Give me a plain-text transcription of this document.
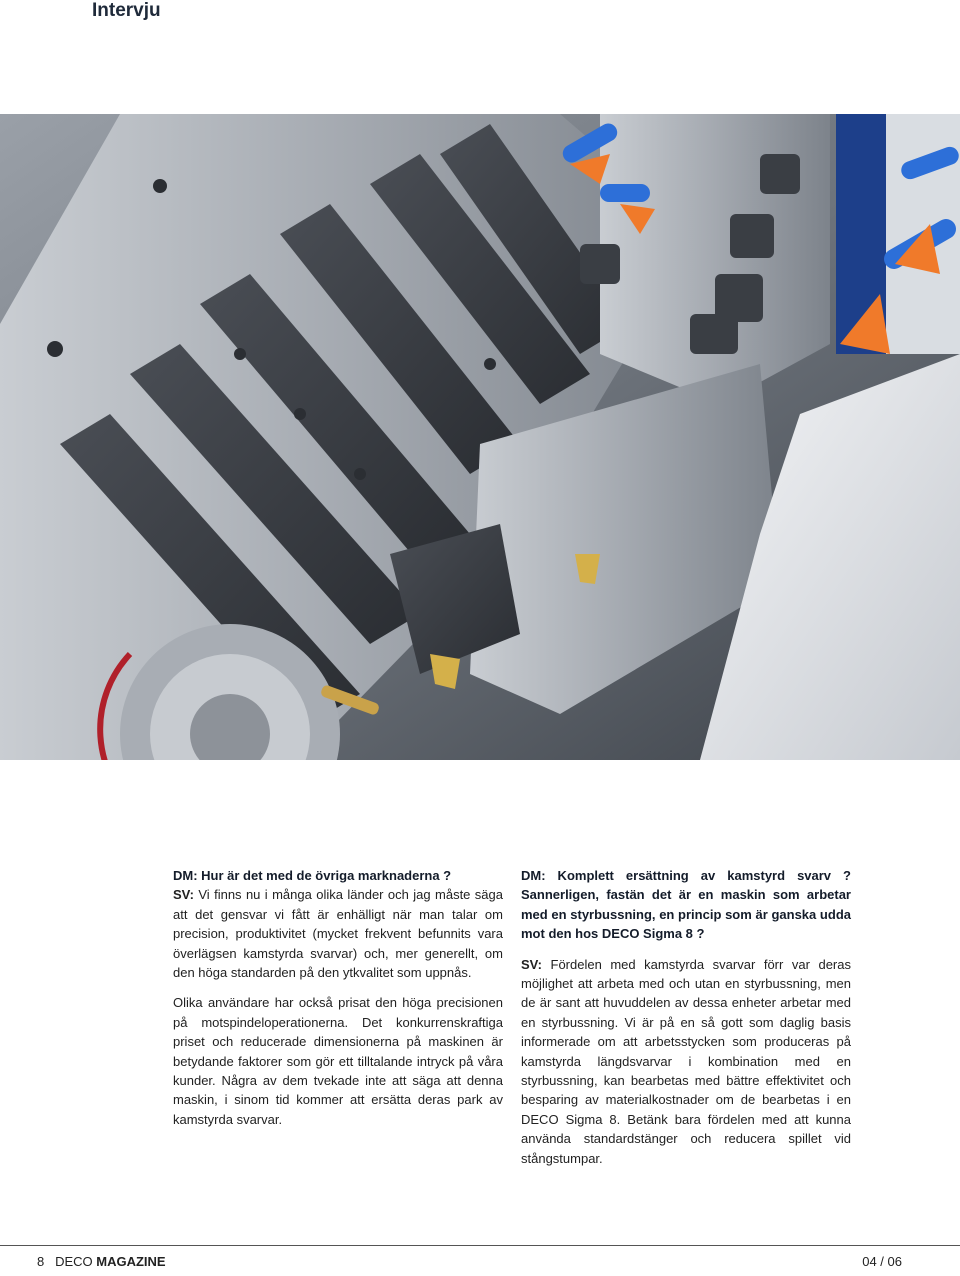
Intervju

DM: Hur är det med de övriga marknaderna ?
SV: Vi finns nu i många olika länder och jag måste säga att det gensvar vi fått är enhälligt när man talar om precision, produktivitet (mycket frekvent befunnits vara överlägsen kamstyrda svarvar) och, mer generellt, om den höga standarden på den ytkvalitet som uppnås.

Olika användare har också prisat den höga precisionen på motspindeloperationerna. Det konkurrenskraftiga priset och reducerade dimensionerna på maskinen är betydande faktorer som gör ett tilltalande intryck på våra kunder. Några av dem tvekade inte att säga att denna maskin, i sinom tid kommer att ersätta deras park av kamstyrda svarvar.

DM: Komplett ersättning av kamstyrd svarv ? Sannerligen, fastän det är en maskin som arbetar med en styrbussning, en princip som är ganska udda mot den hos DECO Sigma 8 ?

SV: Fördelen med kamstyrda svarvar förr var deras möjlighet att arbeta med och utan en styrbussning, men de är sant att huvuddelen av dessa enheter arbetar med en styrbussning. Vi är på en så gott som daglig basis informerade om att arbetsstycken som produceras på kamstyrda längdsvarvar i kombination med en styrbussning, kan bearbetas med bättre effektivitet och besparing av materialkostnader om de bearbetas i en DECO Sigma 8. Betänk bara fördelen med att kunna använda standardstänger och reducera spillet vid stångstumpar.

8 DECO MAGAZINE	04 / 06
